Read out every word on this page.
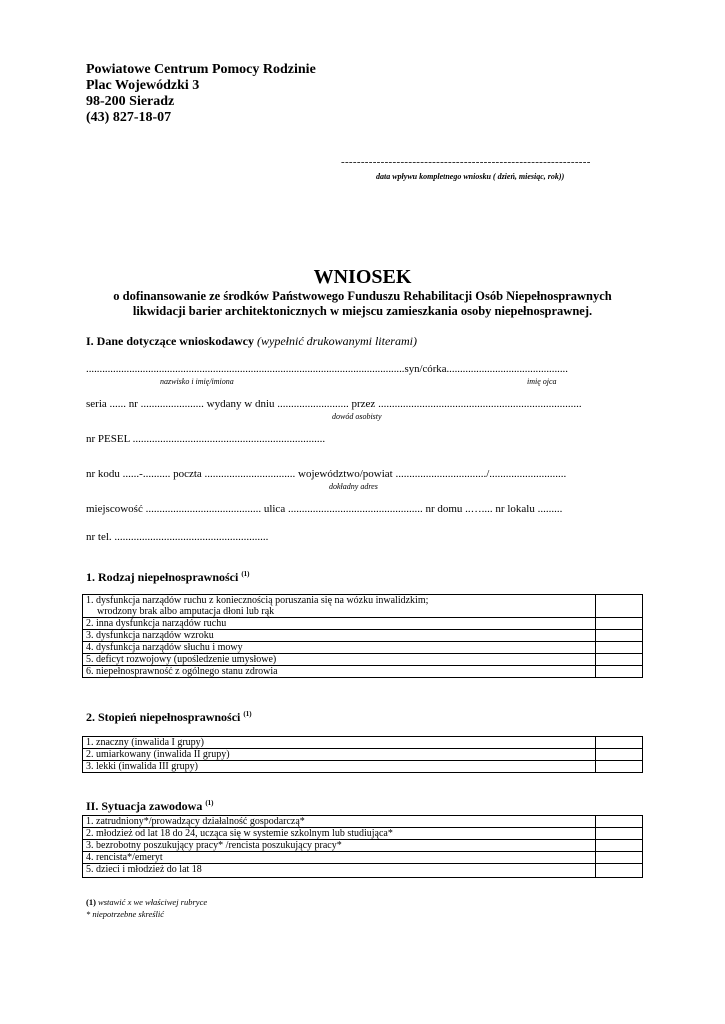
Powiatowe Centrum Pomocy Rodzinie
Plac Wojewódzki 3
98-200 Sieradz
(43) 827-18-07
---------------------------------------------------------------
data wpływu kompletnego wniosku ( dzień, miesiąc, rok))
WNIOSEK
o dofinansowanie ze środków Państwowego Funduszu Rehabilitacji Osób Niepełnosprawnych
likwidacji barier architektonicznych w miejscu zamieszkania osoby niepełnosprawnej.
I. Dane dotyczące wnioskodawcy (wypełnić drukowanymi literami)
......................................................................................................................syn/córka.............................................
nazwisko i imię/imiona	imię ojca
seria ...... nr ....................... wydany w dniu .......................... przez ..........................................................................
dowód osobisty
nr PESEL ......................................................................
nr kodu ......-.......... poczta ................................. województwo/powiat ................................./............................
dokładny adres
miejscowość .......................................... ulica ................................................. nr domu ..….... nr lokalu .........
nr tel. ........................................................
1. Rodzaj niepełnosprawności $^{(1)}$
1. dysfunkcja narządów ruchu z koniecznością poruszania się na wózku inwalidzkim;
wrodzony brak albo amputacja dłoni lub rąk	

2. inna dysfunkcja narządów ruchu	
3. dysfunkcja narządów wzroku	
4. dysfunkcja narządów słuchu i mowy	
5. deficyt rozwojowy (upośledzenie umysłowe)	
6. niepełnosprawność z ogólnego stanu zdrowia	
2. Stopień niepełnosprawności $^{(1)}$
1. znaczny (inwalida I grupy)	
2. umiarkowany (inwalida II grupy)	
3. lekki (inwalida III grupy)	
II. Sytuacja zawodowa $^{(1)}$
1. zatrudniony*/prowadzący działalność gospodarczą*	
2. młodzież od lat 18 do 24, ucząca się w systemie szkolnym lub studiująca*	
3. bezrobotny poszukujący pracy* /rencista poszukujący pracy*	
4. rencista*/emeryt	
5. dzieci i młodzież do lat 18	
(1) wstawić x we właściwej rubryce
* niepotrzebne skreślić
